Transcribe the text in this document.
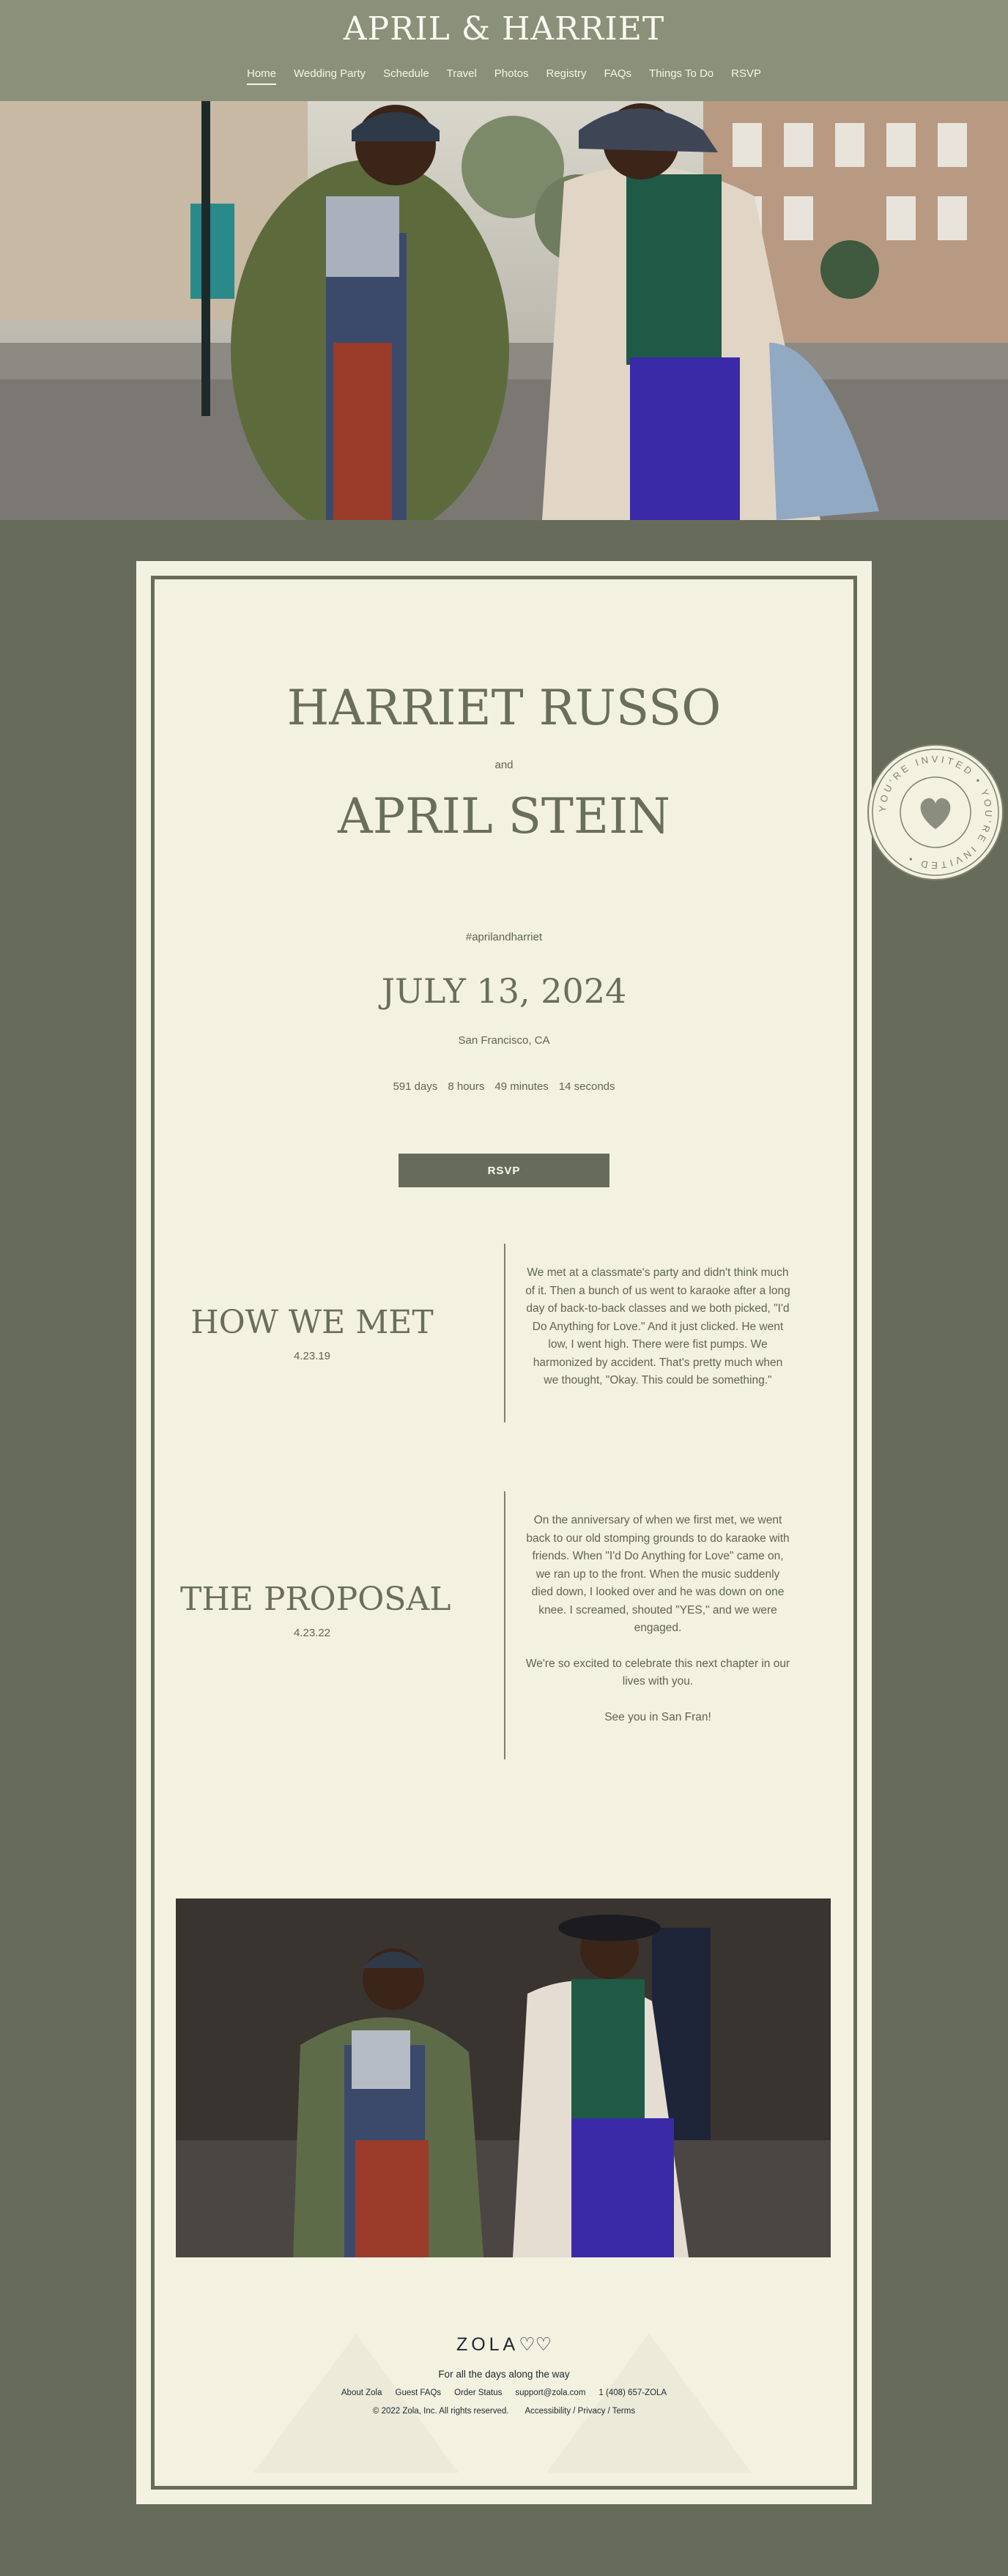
APRIL & HARRIET
Home Wedding Party Schedule Travel Photos Registry FAQs Things To Do RSVP
HARRIET RUSSO
and
APRIL STEIN
#aprilandharriet
JULY 13, 2024
San Francisco, CA
591 days 8 hours 49 minutes 14 seconds
RSVP
HOW WE MET
4.23.19

We met at a classmate's party and didn't think much of it. Then a bunch of us went to karaoke after a long day of back-to-back classes and we both picked, "I'd Do Anything for Love." And it just clicked. He went low, I went high. There were fist pumps. We harmonized by accident. That's pretty much when we thought, "Okay. This could be something."

THE PROPOSAL
4.23.22

On the anniversary of when we first met, we went back to our old stomping grounds to do karaoke with friends. When "I'd Do Anything for Love" came on, we ran up to the front. When the music suddenly died down, I looked over and he was down on one knee. I screamed, shouted "YES," and we were engaged.

We're so excited to celebrate this next chapter in our lives with you.

See you in San Fran!

ZOLA♡♡
For all the days along the way
About Zola Guest FAQs Order Status support@zola.com 1 (408) 657-ZOLA
© 2022 Zola, Inc. All rights reserved. Accessibility / Privacy / Terms
YOU'RE INVITED • YOU'RE INVITED •
